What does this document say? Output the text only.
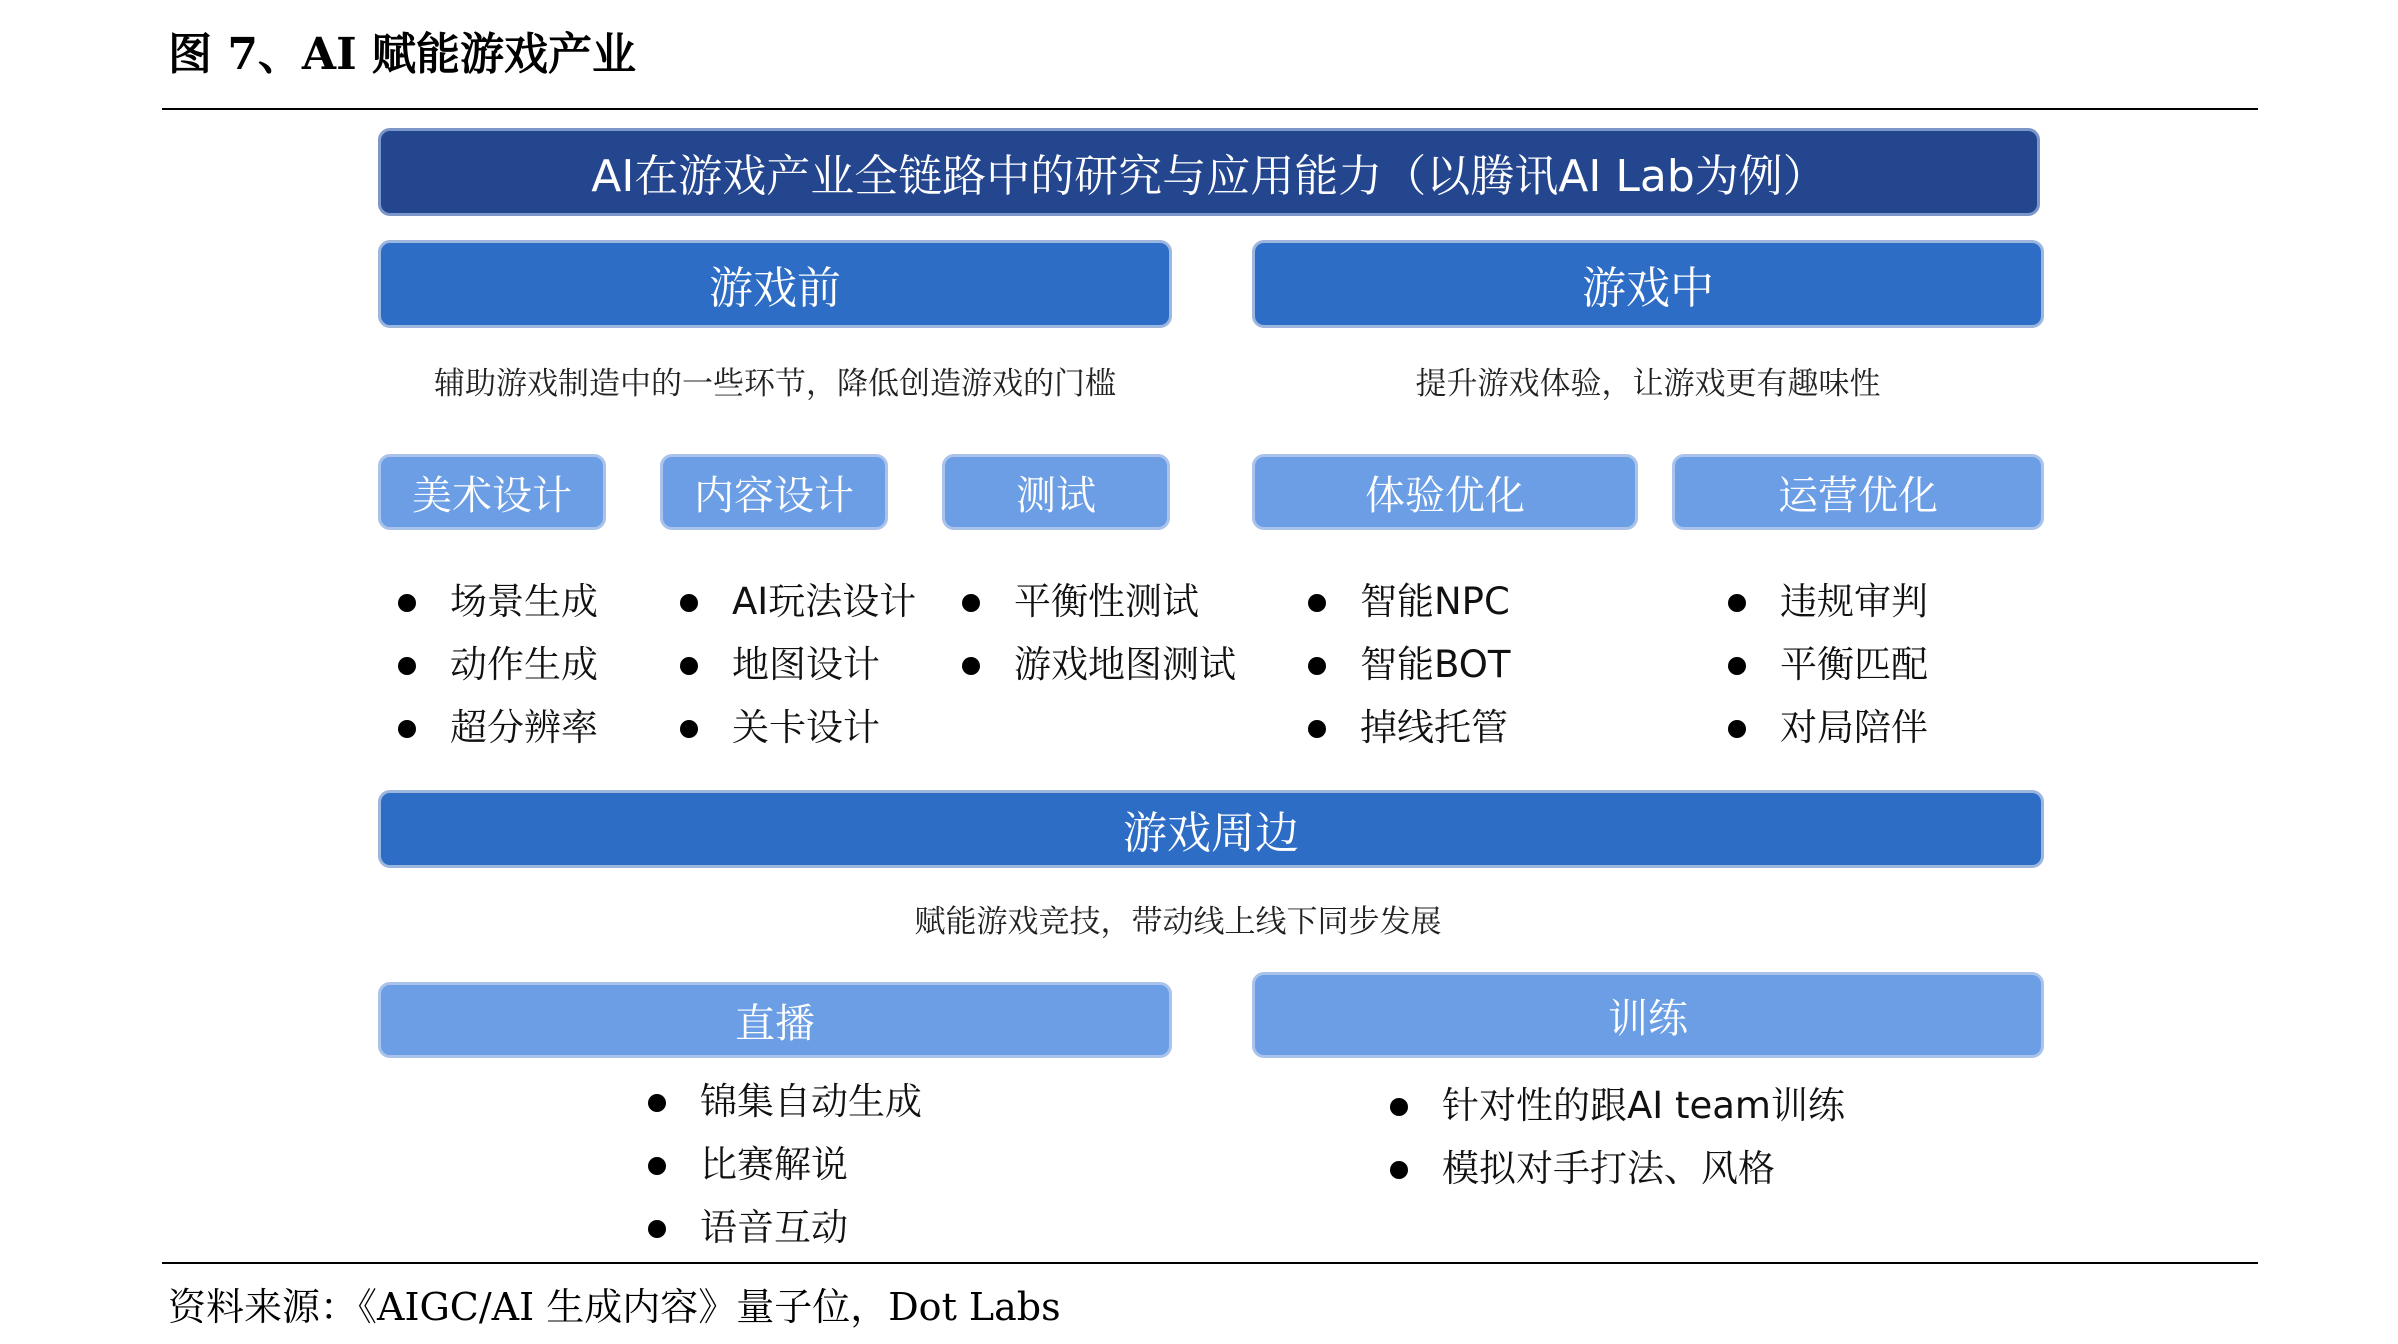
图 7、AI 赋能游戏产业
AI在游戏产业全链路中的研究与应用能力（以腾讯AI Lab为例）
游戏前
辅助游戏制造中的一些环节，降低创造游戏的门槛
游戏中
提升游戏体验，让游戏更有趣味性
美术设计	内容设计	测试	体验优化	运营优化
场景生成
动作生成
超分辨率
AI玩法设计
地图设计
关卡设计
平衡性测试
游戏地图测试
智能NPC
智能BOT
掉线托管
违规审判
平衡匹配
对局陪伴
游戏周边
赋能游戏竞技，带动线上线下同步发展
直播	训练
锦集自动生成
比赛解说
语音互动
针对性的跟AI team训练
模拟对手打法、风格
资料来源：《AIGC/AI 生成内容》量子位，Dot Labs
